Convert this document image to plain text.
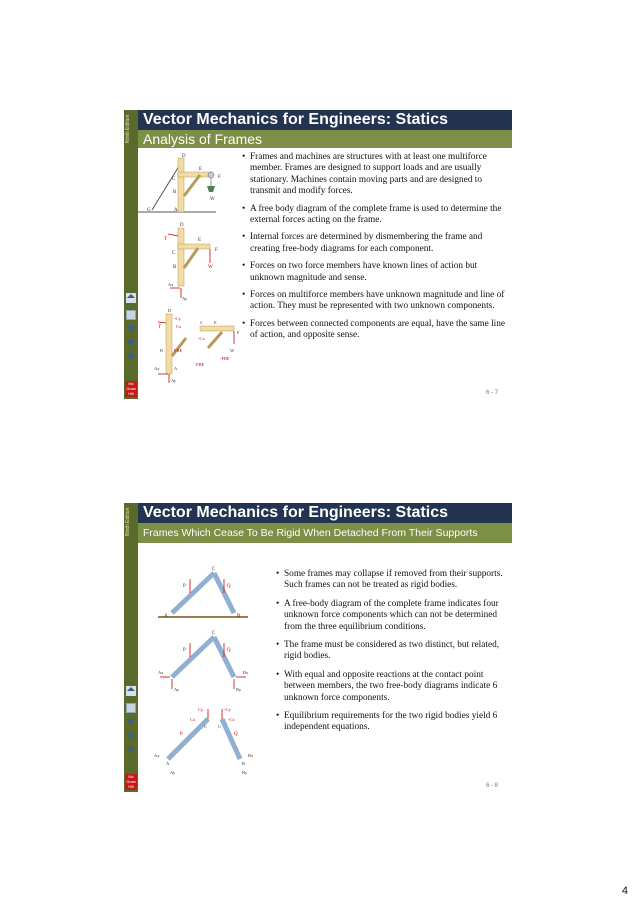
Ninth Edition
Mc Graw Hill
Vector Mechanics for Engineers: Statics
Analysis of Frames
D
E
C	F
B
W
G	A
D
E
T
F
C
B	W
Ax
Ay
D
-Cy
C E
Cx
T
F
-Cx
B FBE	W
-FBE
Ax	A
FBE
Ay
• Frames and machines are structures with at least one multiforce member. Frames are designed to support loads and are usually stationary. Machines contain moving parts and are designed to transmit and modify forces.
• A free body diagram of the complete frame is used to determine the external forces acting on the frame.
• Internal forces are determined by dismembering the frame and creating free-body diagrams for each component.
• Forces on two force members have known lines of action but unknown magnitude and sense.
• Forces on multiforce members have unknown magnitude and line of action. They must be represented with two unknown components.
• Forces between connected components are equal, have the same line of action, and opposite sense.
6 - 7
Ninth Edition
Mc Graw Hill
Vector Mechanics for Engineers: Statics
Frames Which Cease To Be Rigid When Detached From Their Supports
C
P	Q
A	B
C
P	Q
Ax	Bx
Ay	By
-Cy
Cy
Cx
C C
-Cx
P	Q
Ax
A
Bx
B
Ay	By
• Some frames may collapse if removed from their supports. Such frames can not be treated as rigid bodies.
• A free-body diagram of the complete frame indicates four unknown force components which can not be determined from the three equilibrium conditions.
• The frame must be considered as two distinct, but related, rigid bodies.
• With equal and opposite reactions at the contact point between members, the two free-body diagrams indicate 6 unknown force components.
• Equilibrium requirements for the two rigid bodies yield 6 independent equations.
6 - 8
4
